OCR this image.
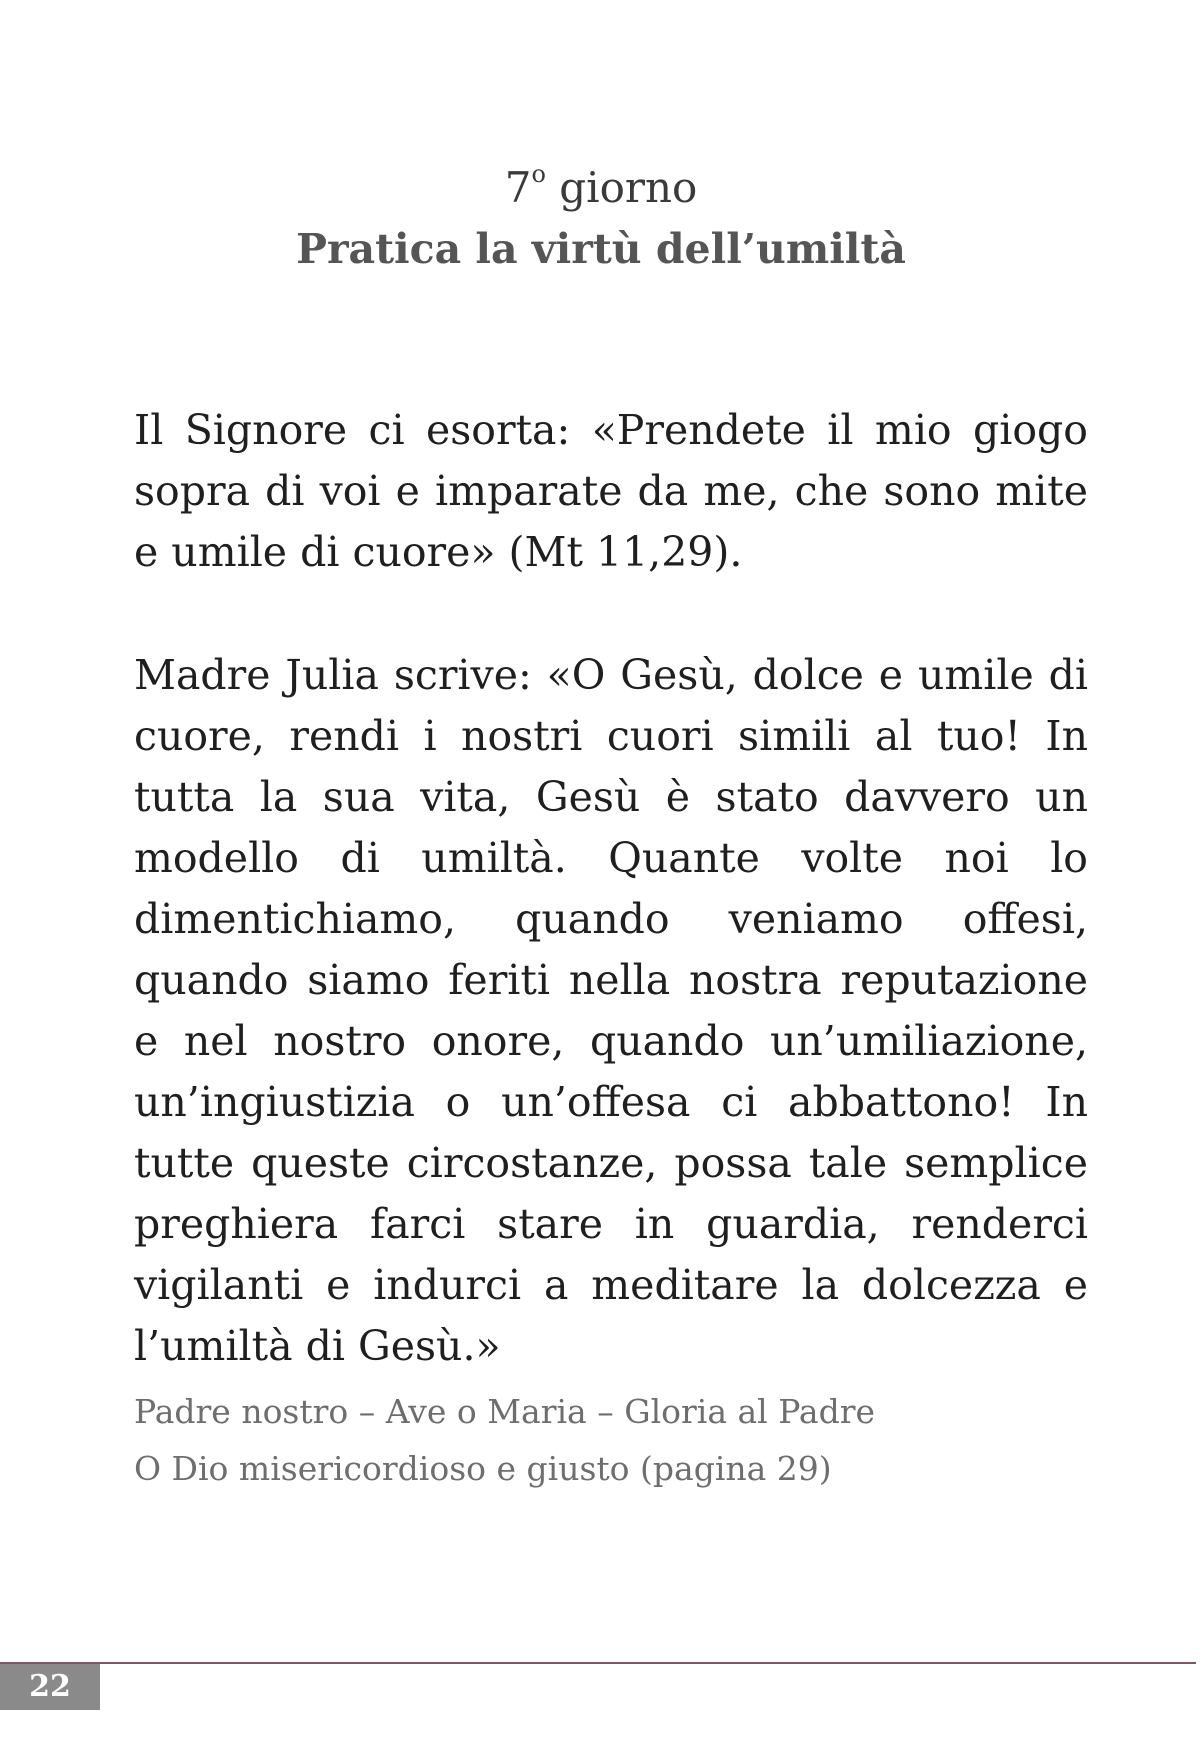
7$^o$ giorno
Pratica la virtù dell’umiltà

Il Signore ci esorta: «Prendete il mio giogo sopra di voi e imparate da me, che sono mite e umile di cuore» (Mt 11,29).

Madre Julia scrive: «O Gesù, dolce e umile di cuore, rendi i nostri cuori simili al tuo! In tutta la sua vita, Gesù è stato davvero un modello di umiltà. Quante volte noi lo dimentichiamo, quando veniamo offesi, quando siamo feriti nella nostra reputazione e nel nostro onore, quando un’umiliazione, un’ingiustizia o un’offesa ci abbattono! In tutte queste circostanze, possa tale semplice preghiera farci stare in guardia, renderci vigilanti e indurci a meditare la dolcezza e l’umiltà di Gesù.»

Padre nostro – Ave o Maria – Gloria al Padre
O Dio misericordioso e giusto (pagina 29)
22
